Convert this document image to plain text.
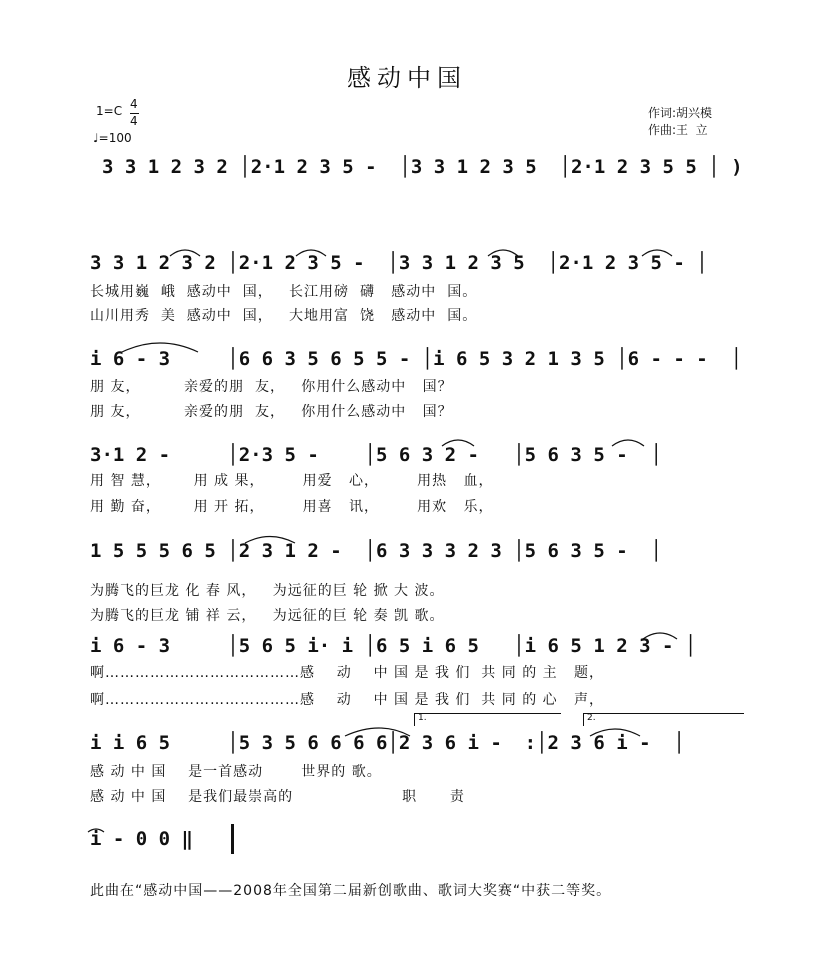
感动中国
1=C 4
4
♩=100
作词:胡兴模
作曲:王  立
3 3 1 2 3 2 │2·1 2 3 5 -  │3 3 1 2 3 5  │2·1 2 3 5 5 │ )
3 3 1 2 3 2 │2·1 2 3 5 -  │3 3 1 2 3 5  │2·1 2 3 5 - │
长城用巍  峨  感动中  国，   长江用磅  礴   感动中  国。
山川用秀  美  感动中  国，   大地用富  饶   感动中  国。
i 6 - 3     │6 6 3 5 6 5 5 - │i 6 5 3 2 1 3 5 │6 - - -  │
朋 友，        亲爱的朋  友，   你用什么感动中   国？
朋 友，        亲爱的朋  友，   你用什么感动中   国？
3·1 2 -     │2·3 5 -    │5 6 3 2 -   │5 6 3 5 -  │
用 智 慧，      用 成 果，       用爱   心，       用热   血，
用 勤 奋，      用 开 拓，       用喜   讯，       用欢   乐，
1 5 5 5 6 5 │2 3 1 2 -  │6 3 3 3 2 3 │5 6 3 5 -  │
为腾飞的巨龙 化 春 风，   为远征的巨 轮 掀 大 波。
为腾飞的巨龙 铺 祥 云，   为远征的巨 轮 奏 凯 歌。
i 6 - 3     │5 6 5 i· i │6 5 i 6 5   │i 6 5 1 2 3 - │
啊…………………………………感    动    中 国 是 我 们  共 同 的 主   题，
啊…………………………………感    动    中 国 是 我 们  共 同 的 心   声，
1.	2.
i i 6 5     │5 3 5 6 6 6 6│2 3 6 i -  :│2 3 6 i -  │
感 动 中 国    是一首感动       世界的 歌。
感 动 中 国    是我们最崇高的                    职      责
i - 0 0 ‖
此曲在“感动中国——2008年全国第二届新创歌曲、歌词大奖赛“中获二等奖。
